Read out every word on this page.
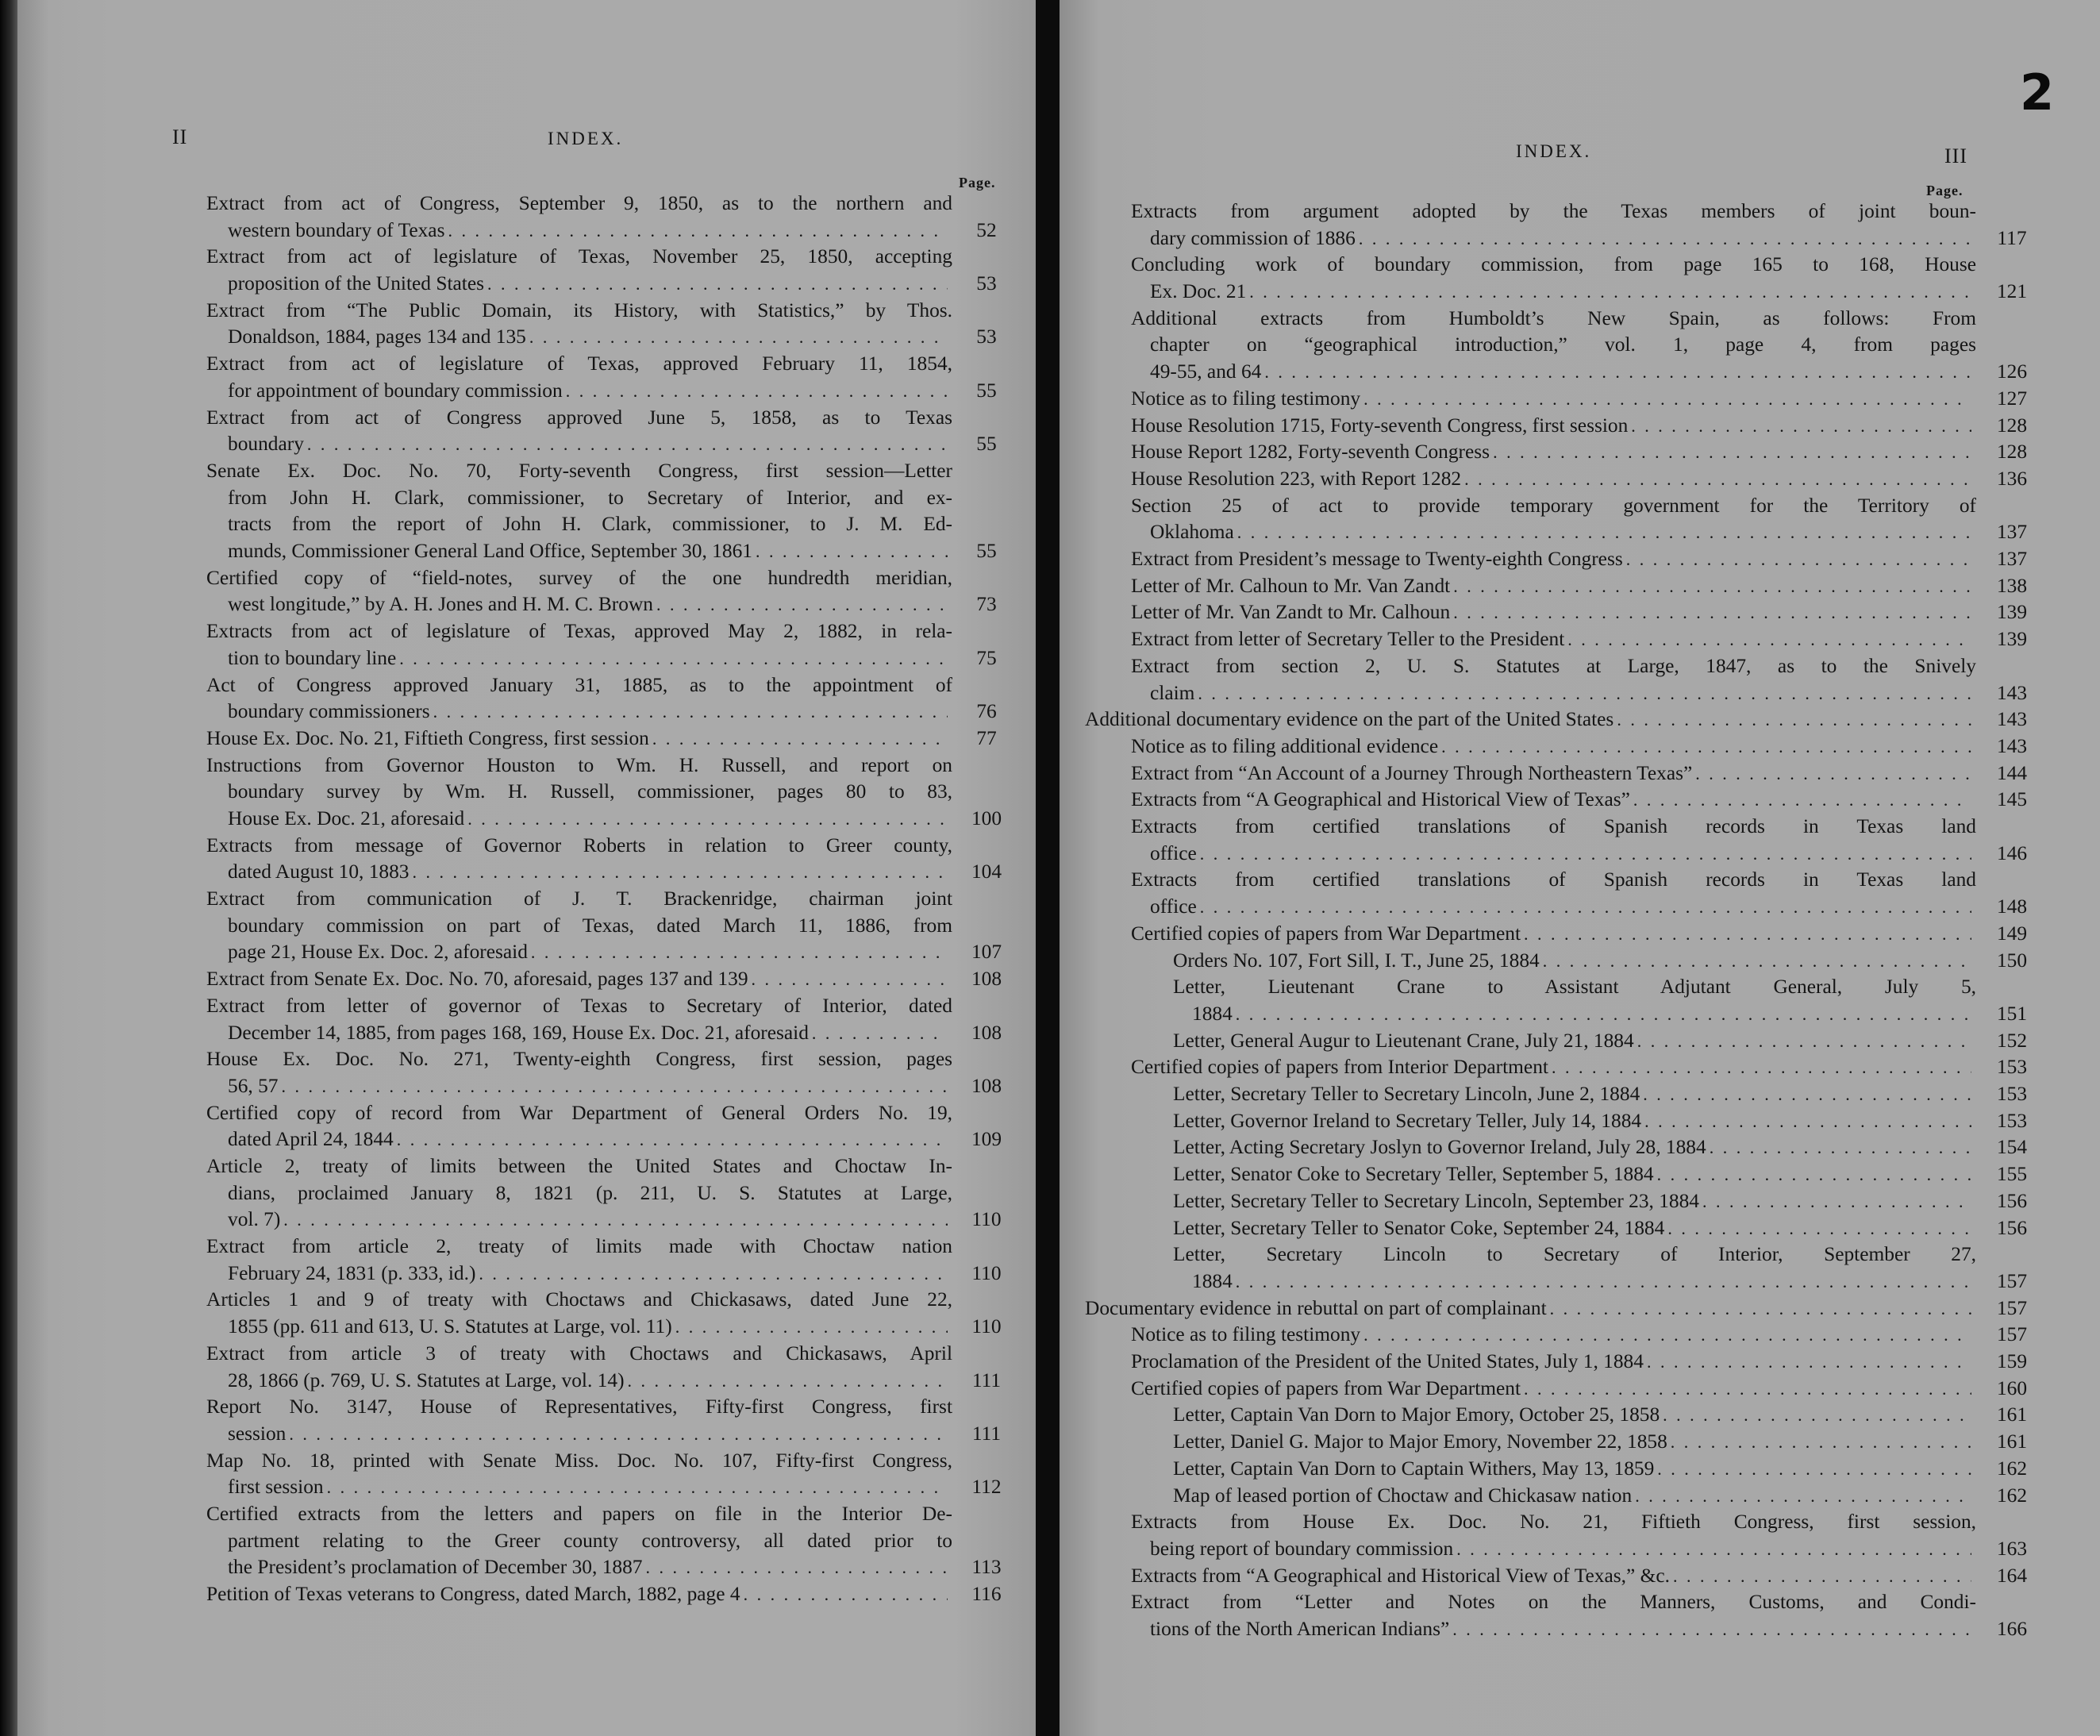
II	INDEX.
Page.
Extract from act of Congress, September 9, 1850, as to the northern and
western boundary of Texas . . .	52
Extract from act of legislature of Texas, November 25, 1850, accepting
proposition of the United States . . .	53
Extract from “The Public Domain, its History, with Statistics,” by Thos.
Donaldson, 1884, pages 134 and 135 . . .	53
Extract from act of legislature of Texas, approved February 11, 1854,
for appointment of boundary commission . . .	55
Extract from act of Congress approved June 5, 1858, as to Texas
boundary . . .	55
Senate Ex. Doc. No. 70, Forty-seventh Congress, first session—Letter
from John H. Clark, commissioner, to Secretary of Interior, and ex-
tracts from the report of John H. Clark, commissioner, to J. M. Ed-
munds, Commissioner General Land Office, September 30, 1861 . . .	55
Certified copy of “field-notes, survey of the one hundredth meridian,
west longitude,” by A. H. Jones and H. M. C. Brown . . .	73
Extracts from act of legislature of Texas, approved May 2, 1882, in rela-
tion to boundary line . . .	75
Act of Congress approved January 31, 1885, as to the appointment of
boundary commissioners . . .	76
House Ex. Doc. No. 21, Fiftieth Congress, first session . . .	77
Instructions from Governor Houston to Wm. H. Russell, and report on
boundary survey by Wm. H. Russell, commissioner, pages 80 to 83,
House Ex. Doc. 21, aforesaid . . .	100
Extracts from message of Governor Roberts in relation to Greer county,
dated August 10, 1883 . . .	104
Extract from communication of J. T. Brackenridge, chairman joint
boundary commission on part of Texas, dated March 11, 1886, from
page 21, House Ex. Doc. 2, aforesaid . . .	107
Extract from Senate Ex. Doc. No. 70, aforesaid, pages 137 and 139 . . .	108
Extract from letter of governor of Texas to Secretary of Interior, dated
December 14, 1885, from pages 168, 169, House Ex. Doc. 21, aforesaid . . .	108
House Ex. Doc. No. 271, Twenty-eighth Congress, first session, pages
56, 57 . . .	108
Certified copy of record from War Department of General Orders No. 19,
dated April 24, 1844 . . .	109
Article 2, treaty of limits between the United States and Choctaw In-
dians, proclaimed January 8, 1821 (p. 211, U. S. Statutes at Large,
vol. 7) . . .	110
Extract from article 2, treaty of limits made with Choctaw nation
February 24, 1831 (p. 333, id.) . . .	110
Articles 1 and 9 of treaty with Choctaws and Chickasaws, dated June 22,
1855 (pp. 611 and 613, U. S. Statutes at Large, vol. 11) . . .	110
Extract from article 3 of treaty with Choctaws and Chickasaws, April
28, 1866 (p. 769, U. S. Statutes at Large, vol. 14) . . .	111
Report No. 3147, House of Representatives, Fifty-first Congress, first
session . . .	111
Map No. 18, printed with Senate Miss. Doc. No. 107, Fifty-first Congress,
first session . . .	112
Certified extracts from the letters and papers on file in the Interior De-
partment relating to the Greer county controversy, all dated prior to
the President’s proclamation of December 30, 1887 . . .	113
Petition of Texas veterans to Congress, dated March, 1882, page 4 . . .	116
2
INDEX.	III
Page.
Extracts from argument adopted by the Texas members of joint boun-
dary commission of 1886 . . .	117
Concluding work of boundary commission, from page 165 to 168, House
Ex. Doc. 21 . . .	121
Additional extracts from Humboldt’s New Spain, as follows: From
chapter on “geographical introduction,” vol. 1, page 4, from pages
49-55, and 64 . . .	126
Notice as to filing testimony . . .	127
House Resolution 1715, Forty-seventh Congress, first session . . .	128
House Report 1282, Forty-seventh Congress . . .	128
House Resolution 223, with Report 1282 . . .	136
Section 25 of act to provide temporary government for the Territory of
Oklahoma . . .	137
Extract from President’s message to Twenty-eighth Congress . . .	137
Letter of Mr. Calhoun to Mr. Van Zandt . . .	138
Letter of Mr. Van Zandt to Mr. Calhoun . . .	139
Extract from letter of Secretary Teller to the President . . .	139
Extract from section 2, U. S. Statutes at Large, 1847, as to the Snively
claim . . .	143
Additional documentary evidence on the part of the United States . . .	143
Notice as to filing additional evidence . . .	143
Extract from “An Account of a Journey Through Northeastern Texas” . . .	144
Extracts from “A Geographical and Historical View of Texas” . . .	145
Extracts from certified translations of Spanish records in Texas land
office . . .	146
Extracts from certified translations of Spanish records in Texas land
office . . .	148
Certified copies of papers from War Department . . .	149
Orders No. 107, Fort Sill, I. T., June 25, 1884 . . .	150
Letter, Lieutenant Crane to Assistant Adjutant General, July 5,
1884 . . .	151
Letter, General Augur to Lieutenant Crane, July 21, 1884 . . .	152
Certified copies of papers from Interior Department . . .	153
Letter, Secretary Teller to Secretary Lincoln, June 2, 1884 . . .	153
Letter, Governor Ireland to Secretary Teller, July 14, 1884 . . .	153
Letter, Acting Secretary Joslyn to Governor Ireland, July 28, 1884 . . .	154
Letter, Senator Coke to Secretary Teller, September 5, 1884 . . .	155
Letter, Secretary Teller to Secretary Lincoln, September 23, 1884 . . .	156
Letter, Secretary Teller to Senator Coke, September 24, 1884 . . .	156
Letter, Secretary Lincoln to Secretary of Interior, September 27,
1884 . . .	157
Documentary evidence in rebuttal on part of complainant . . .	157
Notice as to filing testimony . . .	157
Proclamation of the President of the United States, July 1, 1884 . . .	159
Certified copies of papers from War Department . . .	160
Letter, Captain Van Dorn to Major Emory, October 25, 1858 . . .	161
Letter, Daniel G. Major to Major Emory, November 22, 1858 . . .	161
Letter, Captain Van Dorn to Captain Withers, May 13, 1859 . . .	162
Map of leased portion of Choctaw and Chickasaw nation . . .	162
Extracts from House Ex. Doc. No. 21, Fiftieth Congress, first session,
being report of boundary commission . . .	163
Extracts from “A Geographical and Historical View of Texas,” &c. . . .	164
Extract from “Letter and Notes on the Manners, Customs, and Condi-
tions of the North American Indians” . . .	166
